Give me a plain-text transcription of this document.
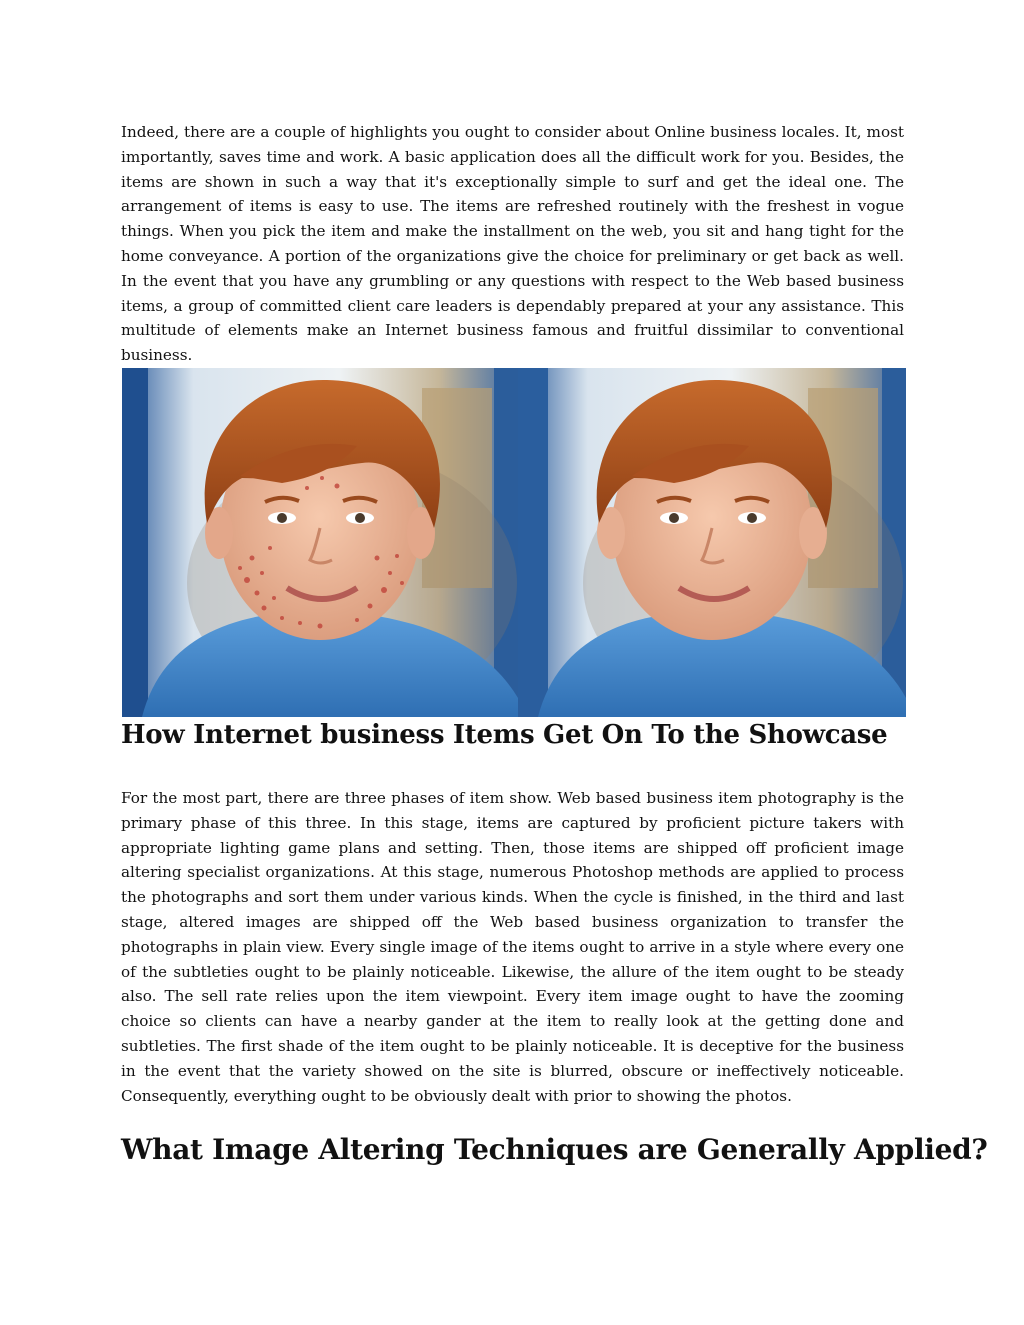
Indeed, there are a couple of highlights you ought to consider about Online business locales. It, most importantly, saves time and work. A basic application does all the difficult work for you. Besides, the items are shown in such a way that it's exceptionally simple to surf and get the ideal one. The arrangement of items is easy to use. The items are refreshed routinely with the freshest in vogue things. When you pick the item and make the installment on the web, you sit and hang tight for the home conveyance. A portion of the organizations give the choice for preliminary or get back as well. In the event that you have any grumbling or any questions with respect to the Web based business items, a group of committed client care leaders is dependably prepared at your any assistance. This multitude of elements make an Internet business famous and fruitful dissimilar to conventional business.

How Internet business Items Get On To the Showcase

For the most part, there are three phases of item show. Web based business item photography is the primary phase of this three. In this stage, items are captured by proficient picture takers with appropriate lighting game plans and setting. Then, those items are shipped off proficient image altering specialist organizations. At this stage, numerous Photoshop methods are applied to process the photographs and sort them under various kinds. When the cycle is finished, in the third and last stage, altered images are shipped off the Web based business organization to transfer the photographs in plain view. Every single image of the items ought to arrive in a style where every one of the subtleties ought to be plainly noticeable. Likewise, the allure of the item ought to be steady also. The sell rate relies upon the item viewpoint. Every item image ought to have the zooming choice so clients can have a nearby gander at the item to really look at the getting done and subtleties. The first shade of the item ought to be plainly noticeable. It is deceptive for the business in the event that the variety showed on the site is blurred, obscure or ineffectively noticeable. Consequently, everything ought to be obviously dealt with prior to showing the photos.

What Image Altering Techniques are Generally Applied?
